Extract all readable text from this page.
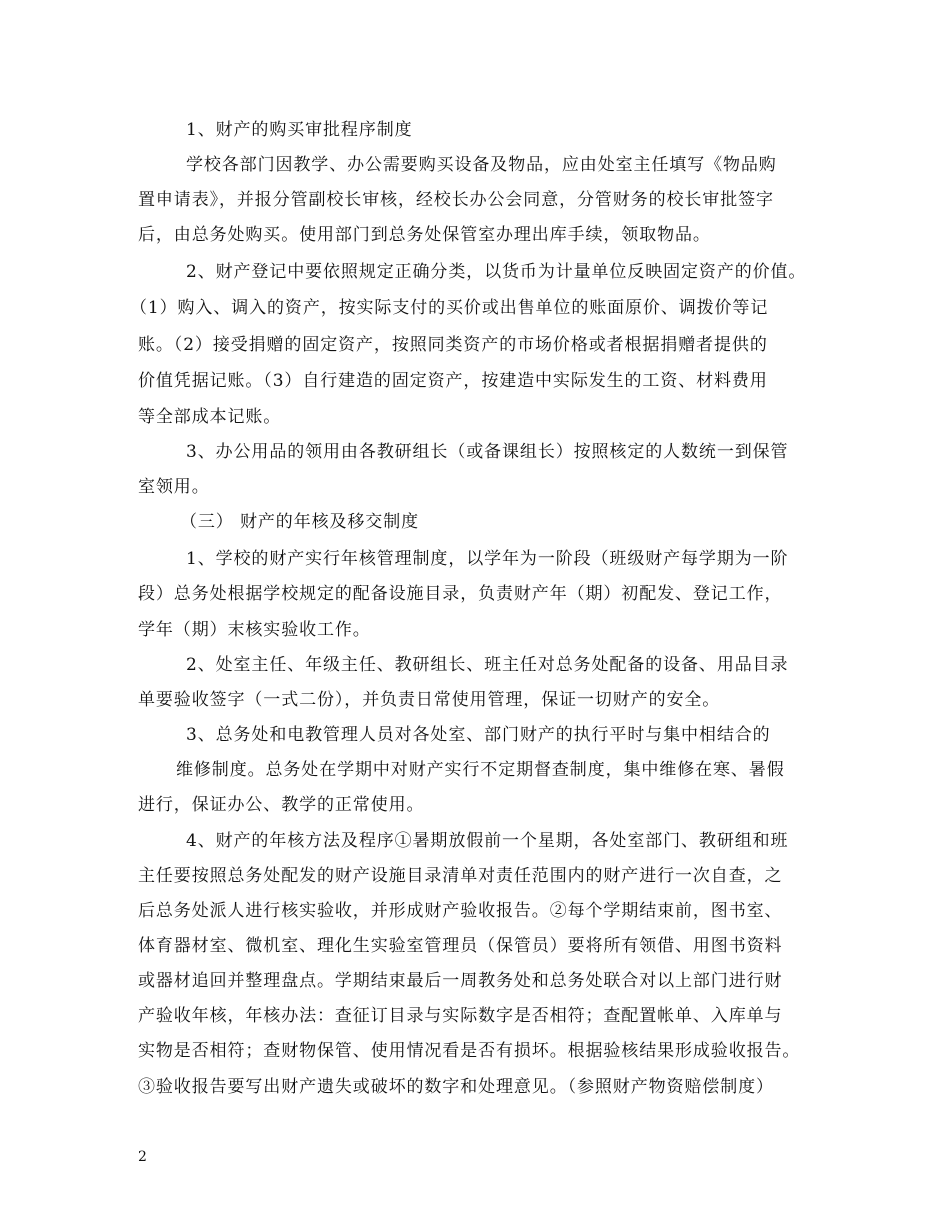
1、财产的购买审批程序制度
学校各部门因教学、办公需要购买设备及物品，应由处室主任填写《物品购
置申请表》，并报分管副校长审核，经校长办公会同意，分管财务的校长审批签字
后，由总务处购买。使用部门到总务处保管室办理出库手续，领取物品。
2、财产登记中要依照规定正确分类，以货币为计量单位反映固定资产的价值。
（1）购入、调入的资产，按实际支付的买价或出售单位的账面原价、调拨价等记
账。（2）接受捐赠的固定资产，按照同类资产的市场价格或者根据捐赠者提供的
价值凭据记账。（3）自行建造的固定资产，按建造中实际发生的工资、材料费用
等全部成本记账。
3、办公用品的领用由各教研组长（或备课组长）按照核定的人数统一到保管
室领用。
（三） 财产的年核及移交制度
1、学校的财产实行年核管理制度，以学年为一阶段（班级财产每学期为一阶
段）总务处根据学校规定的配备设施目录，负责财产年（期）初配发、登记工作，
学年（期）末核实验收工作。
2、处室主任、年级主任、教研组长、班主任对总务处配备的设备、用品目录
单要验收签字（一式二份），并负责日常使用管理，保证一切财产的安全。
3、总务处和电教管理人员对各处室、部门财产的执行平时与集中相结合的
维修制度。总务处在学期中对财产实行不定期督查制度，集中维修在寒、暑假
进行，保证办公、教学的正常使用。
4、财产的年核方法及程序①暑期放假前一个星期，各处室部门、教研组和班
主任要按照总务处配发的财产设施目录清单对责任范围内的财产进行一次自查，之
后总务处派人进行核实验收，并形成财产验收报告。②每个学期结束前，图书室、
体育器材室、微机室、理化生实验室管理员（保管员）要将所有领借、用图书资料
或器材追回并整理盘点。学期结束最后一周教务处和总务处联合对以上部门进行财
产验收年核，年核办法：查征订目录与实际数字是否相符；查配置帐单、入库单与
实物是否相符；查财物保管、使用情况看是否有损坏。根据验核结果形成验收报告。
③验收报告要写出财产遗失或破坏的数字和处理意见。（参照财产物资赔偿制度）
2
